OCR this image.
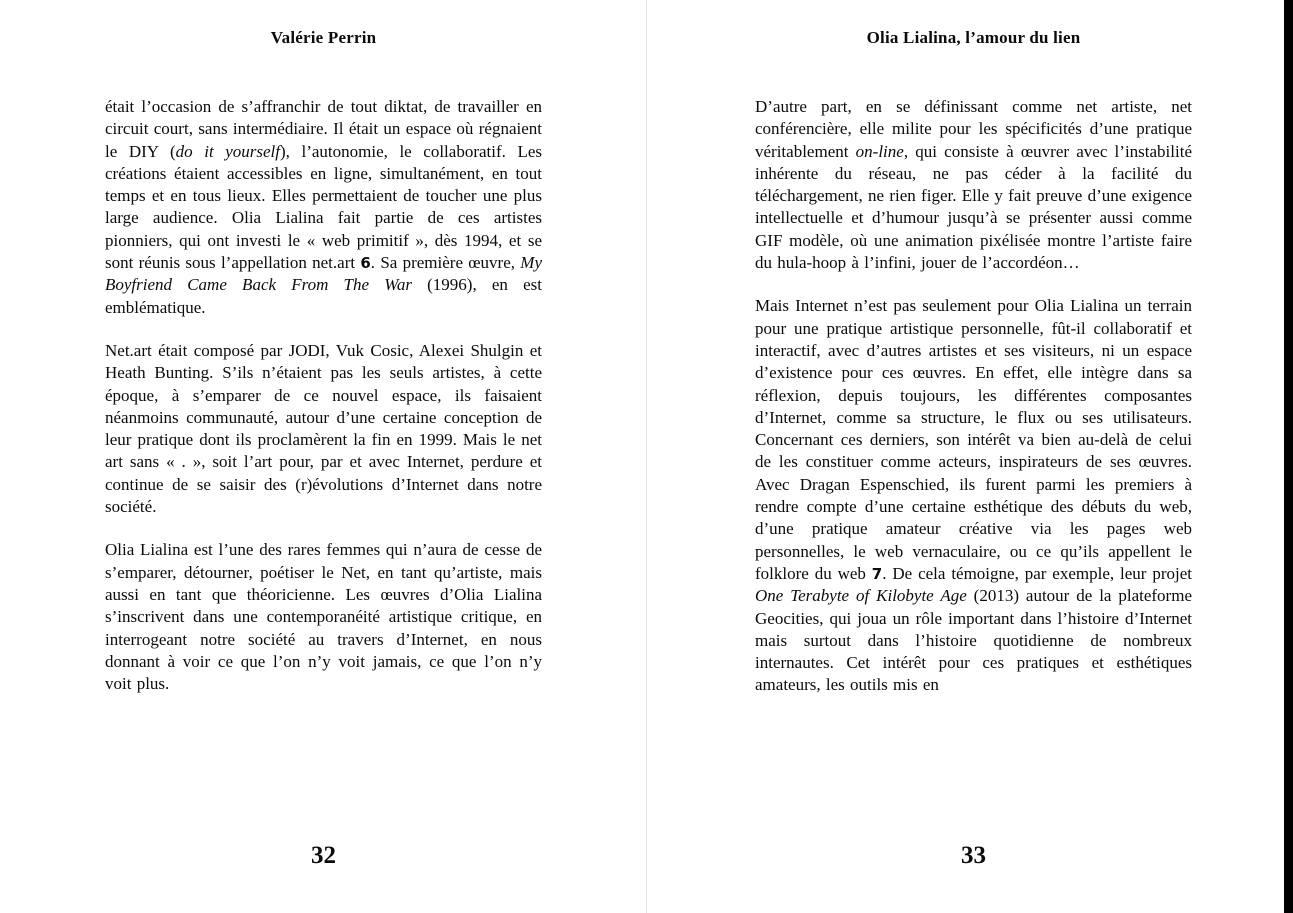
Valérie Perrin

était l’occasion de s’affranchir de tout diktat, de travailler en circuit court, sans intermédiaire. Il était un espace où régnaient le DIY (do it yourself), l’autonomie, le collaboratif. Les créations étaient accessibles en ligne, simultanément, en tout temps et en tous lieux. Elles permettaient de toucher une plus large audience. Olia Lialina fait partie de ces artistes pionniers, qui ont investi le « web primitif », dès 1994, et se sont réunis sous l’appellation net.art 6. Sa première œuvre, My Boyfriend Came Back From The War (1996), en est emblématique.

Net.art était composé par JODI, Vuk Cosic, Alexei Shulgin et Heath Bunting. S’ils n’étaient pas les seuls artistes, à cette époque, à s’emparer de ce nouvel espace, ils faisaient néanmoins communauté, autour d’une certaine conception de leur pratique dont ils proclamèrent la fin en 1999. Mais le net art sans « . », soit l’art pour, par et avec Internet, perdure et continue de se saisir des (r)évolutions d’Internet dans notre société.

Olia Lialina est l’une des rares femmes qui n’aura de cesse de s’emparer, détourner, poétiser le Net, en tant qu’artiste, mais aussi en tant que théoricienne. Les œuvres d’Olia Lialina s’inscrivent dans une contemporanéité artistique critique, en interrogeant notre société au travers d’Internet, en nous donnant à voir ce que l’on n’y voit jamais, ce que l’on n’y voit plus.

32
Olia Lialina, l’amour du lien

D’autre part, en se définissant comme net artiste, net conférencière, elle milite pour les spécificités d’une pratique véritablement on-line, qui consiste à œuvrer avec l’instabilité inhérente du réseau, ne pas céder à la facilité du téléchargement, ne rien figer. Elle y fait preuve d’une exigence intellectuelle et d’humour jusqu’à se présenter aussi comme GIF modèle, où une animation pixélisée montre l’artiste faire du hula-hoop à l’infini, jouer de l’accordéon…

Mais Internet n’est pas seulement pour Olia Lialina un terrain pour une pratique artistique personnelle, fût-il collaboratif et interactif, avec d’autres artistes et ses visiteurs, ni un espace d’existence pour ces œuvres. En effet, elle intègre dans sa réflexion, depuis toujours, les différentes composantes d’Internet, comme sa structure, le flux ou ses utilisateurs. Concernant ces derniers, son intérêt va bien au-delà de celui de les constituer comme acteurs, inspirateurs de ses œuvres. Avec Dragan Espenschied, ils furent parmi les premiers à rendre compte d’une certaine esthétique des débuts du web, d’une pratique amateur créative via les pages web personnelles, le web vernaculaire, ou ce qu’ils appellent le folklore du web 7. De cela témoigne, par exemple, leur projet One Terabyte of Kilobyte Age (2013) autour de la plateforme Geocities, qui joua un rôle important dans l’histoire d’Internet mais surtout dans l’histoire quotidienne de nombreux internautes. Cet intérêt pour ces pratiques et esthétiques amateurs, les outils mis en

33
